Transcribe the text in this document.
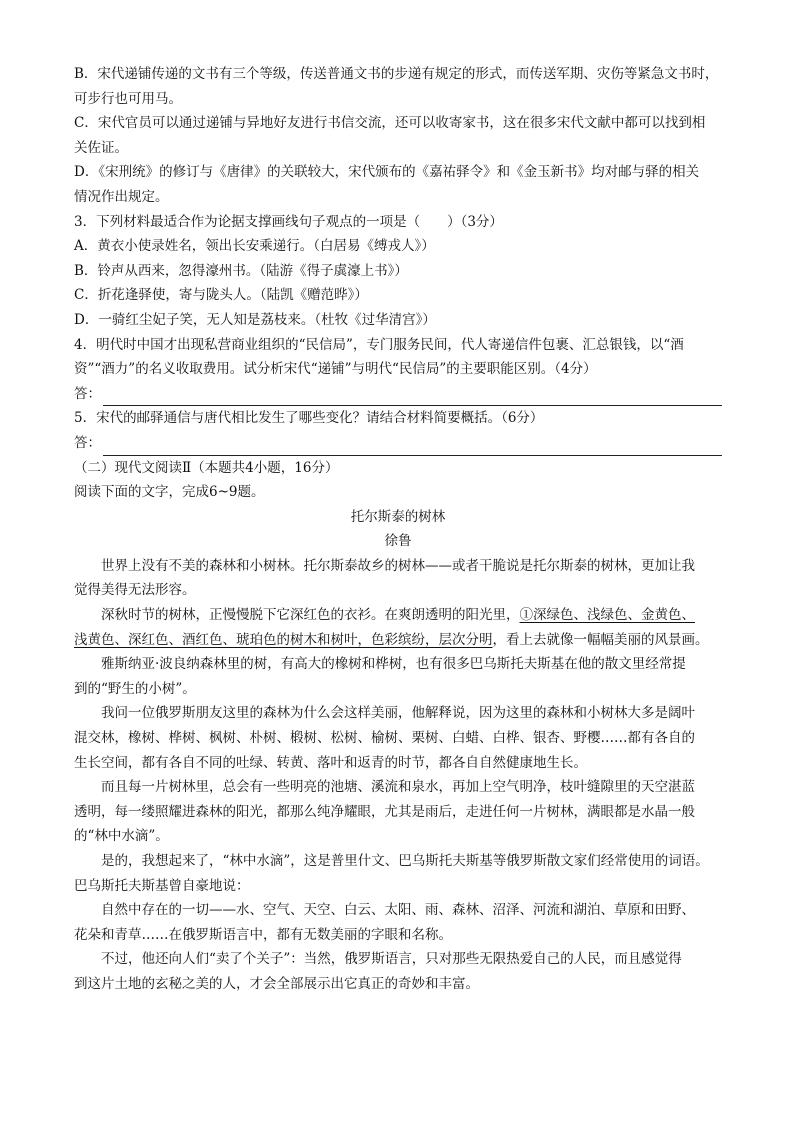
B．宋代递铺传递的文书有三个等级，传送普通文书的步递有规定的形式，而传送军期、灾伤等紧急文书时，
可步行也可用马。
C．宋代官员可以通过递铺与异地好友进行书信交流，还可以收寄家书，这在很多宋代文献中都可以找到相
关佐证。
D．《宋刑统》的修订与《唐律》的关联较大，宋代颁布的《嘉祐驿令》和《金玉新书》均对邮与驿的相关
情况作出规定。
3．下列材料最适合作为论据支撑画线句子观点的一项是（　　）（3分）
A．黄衣小使录姓名，领出长安乘递行。（白居易《缚戎人》）
B．铃声从西来，忽得濠州书。（陆游《得子虡濠上书》）
C．折花逢驿使，寄与陇头人。（陆凯《赠范晔》）
D．一骑红尘妃子笑，无人知是荔枝来。（杜牧《过华清宫》）
4．明代时中国才出现私营商业组织的“民信局”，专门服务民间，代人寄递信件包裹、汇总银钱，以“酒
资”“酒力”的名义收取费用。试分析宋代“递铺”与明代“民信局”的主要职能区别。（4分）
答：
5．宋代的邮驿通信与唐代相比发生了哪些变化？请结合材料简要概括。（6分）
答：
（二）现代文阅读Ⅱ（本题共4小题，16分）
阅读下面的文字，完成6~9题。
托尔斯泰的树林
徐鲁
世界上没有不美的森林和小树林。托尔斯泰故乡的树林——或者干脆说是托尔斯泰的树林，更加让我
觉得美得无法形容。
深秋时节的树林，正慢慢脱下它深红色的衣衫。在爽朗透明的阳光里，①深绿色、浅绿色、金黄色、
浅黄色、深红色、酒红色、琥珀色的树木和树叶，色彩缤纷，层次分明，看上去就像一幅幅美丽的风景画。
雅斯纳亚·波良纳森林里的树，有高大的橡树和桦树，也有很多巴乌斯托夫斯基在他的散文里经常提
到的“野生的小树”。
我问一位俄罗斯朋友这里的森林为什么会这样美丽，他解释说，因为这里的森林和小树林大多是阔叶
混交林，橡树、桦树、枫树、朴树、椴树、松树、榆树、栗树、白蜡、白桦、银杏、野樱……都有各自的
生长空间，都有各自不同的吐绿、转黄、落叶和返青的时节，都各自自然健康地生长。
而且每一片树林里，总会有一些明亮的池塘、溪流和泉水，再加上空气明净，枝叶缝隙里的天空湛蓝
透明，每一缕照耀进森林的阳光，都那么纯净耀眼，尤其是雨后，走进任何一片树林，满眼都是水晶一般
的“林中水滴”。
是的，我想起来了，“林中水滴”，这是普里什文、巴乌斯托夫斯基等俄罗斯散文家们经常使用的词语。
巴乌斯托夫斯基曾自豪地说：
自然中存在的一切——水、空气、天空、白云、太阳、雨、森林、沼泽、河流和湖泊、草原和田野、
花朵和青草……在俄罗斯语言中，都有无数美丽的字眼和名称。
不过，他还向人们“卖了个关子”：当然，俄罗斯语言，只对那些无限热爱自己的人民，而且感觉得
到这片土地的玄秘之美的人，才会全部展示出它真正的奇妙和丰富。
